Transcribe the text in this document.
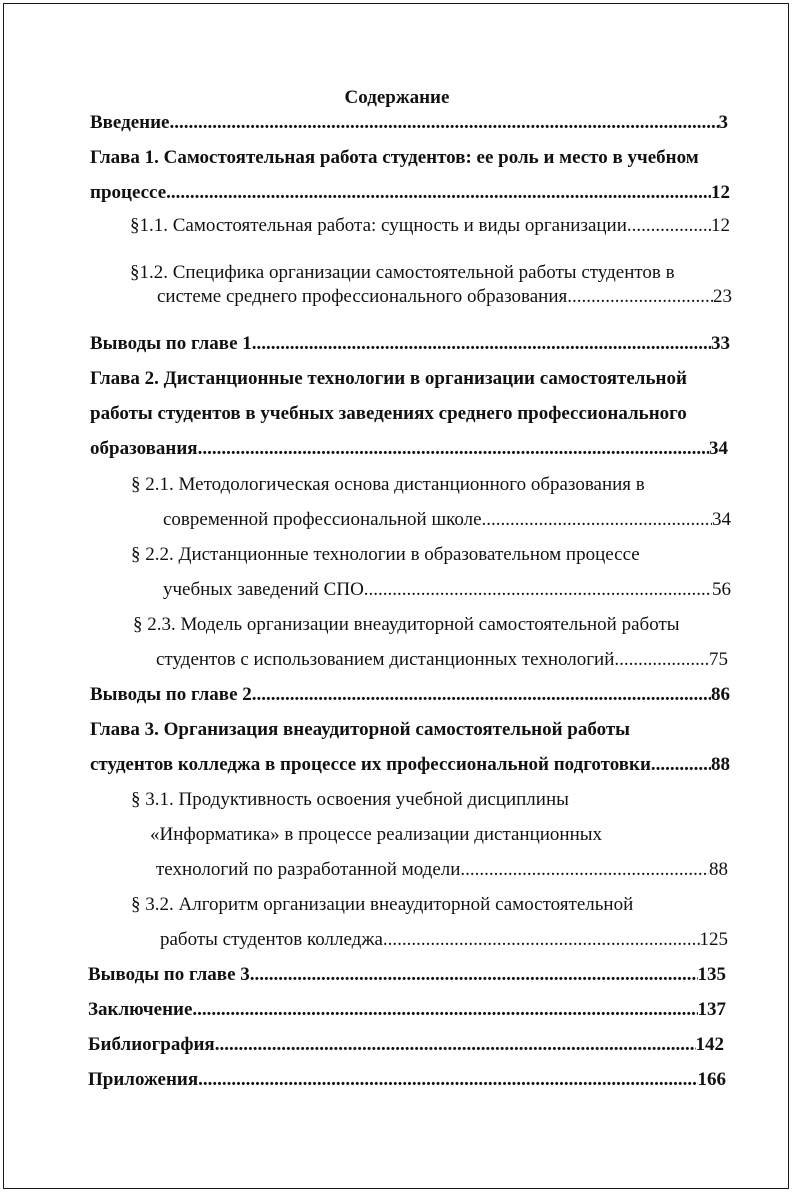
Содержание
Введение .....	3
Глава 1. Самостоятельная работа студентов: ее роль и место в учебном
процессе .....	12
§1.1. Самостоятельная работа: сущность и виды организации .....	12
§1.2. Специфика организации самостоятельной работы студентов в
системе среднего профессионального образования .....	23
Выводы по главе 1 .....	33
Глава 2. Дистанционные технологии в организации самостоятельной
работы студентов в учебных заведениях среднего профессионального
образования .....	34
§ 2.1. Методологическая основа дистанционного образования в
современной профессиональной школе .....	34
§ 2.2. Дистанционные технологии в образовательном процессе
учебных заведений СПО .....	56
§ 2.3. Модель организации внеаудиторной самостоятельной работы
студентов с использованием дистанционных технологий .....	75
Выводы по главе 2 .....	86
Глава 3. Организация внеаудиторной самостоятельной работы
студентов колледжа в процессе их профессиональной подготовки .....	88
§ 3.1. Продуктивность освоения учебной дисциплины
«Информатика» в процессе реализации дистанционных
технологий по разработанной модели .....	88
§ 3.2. Алгоритм организации внеаудиторной самостоятельной
работы студентов колледжа .....	125
Выводы по главе 3 .....	135
Заключение .....	137
Библиография .....	142
Приложения .....	166
